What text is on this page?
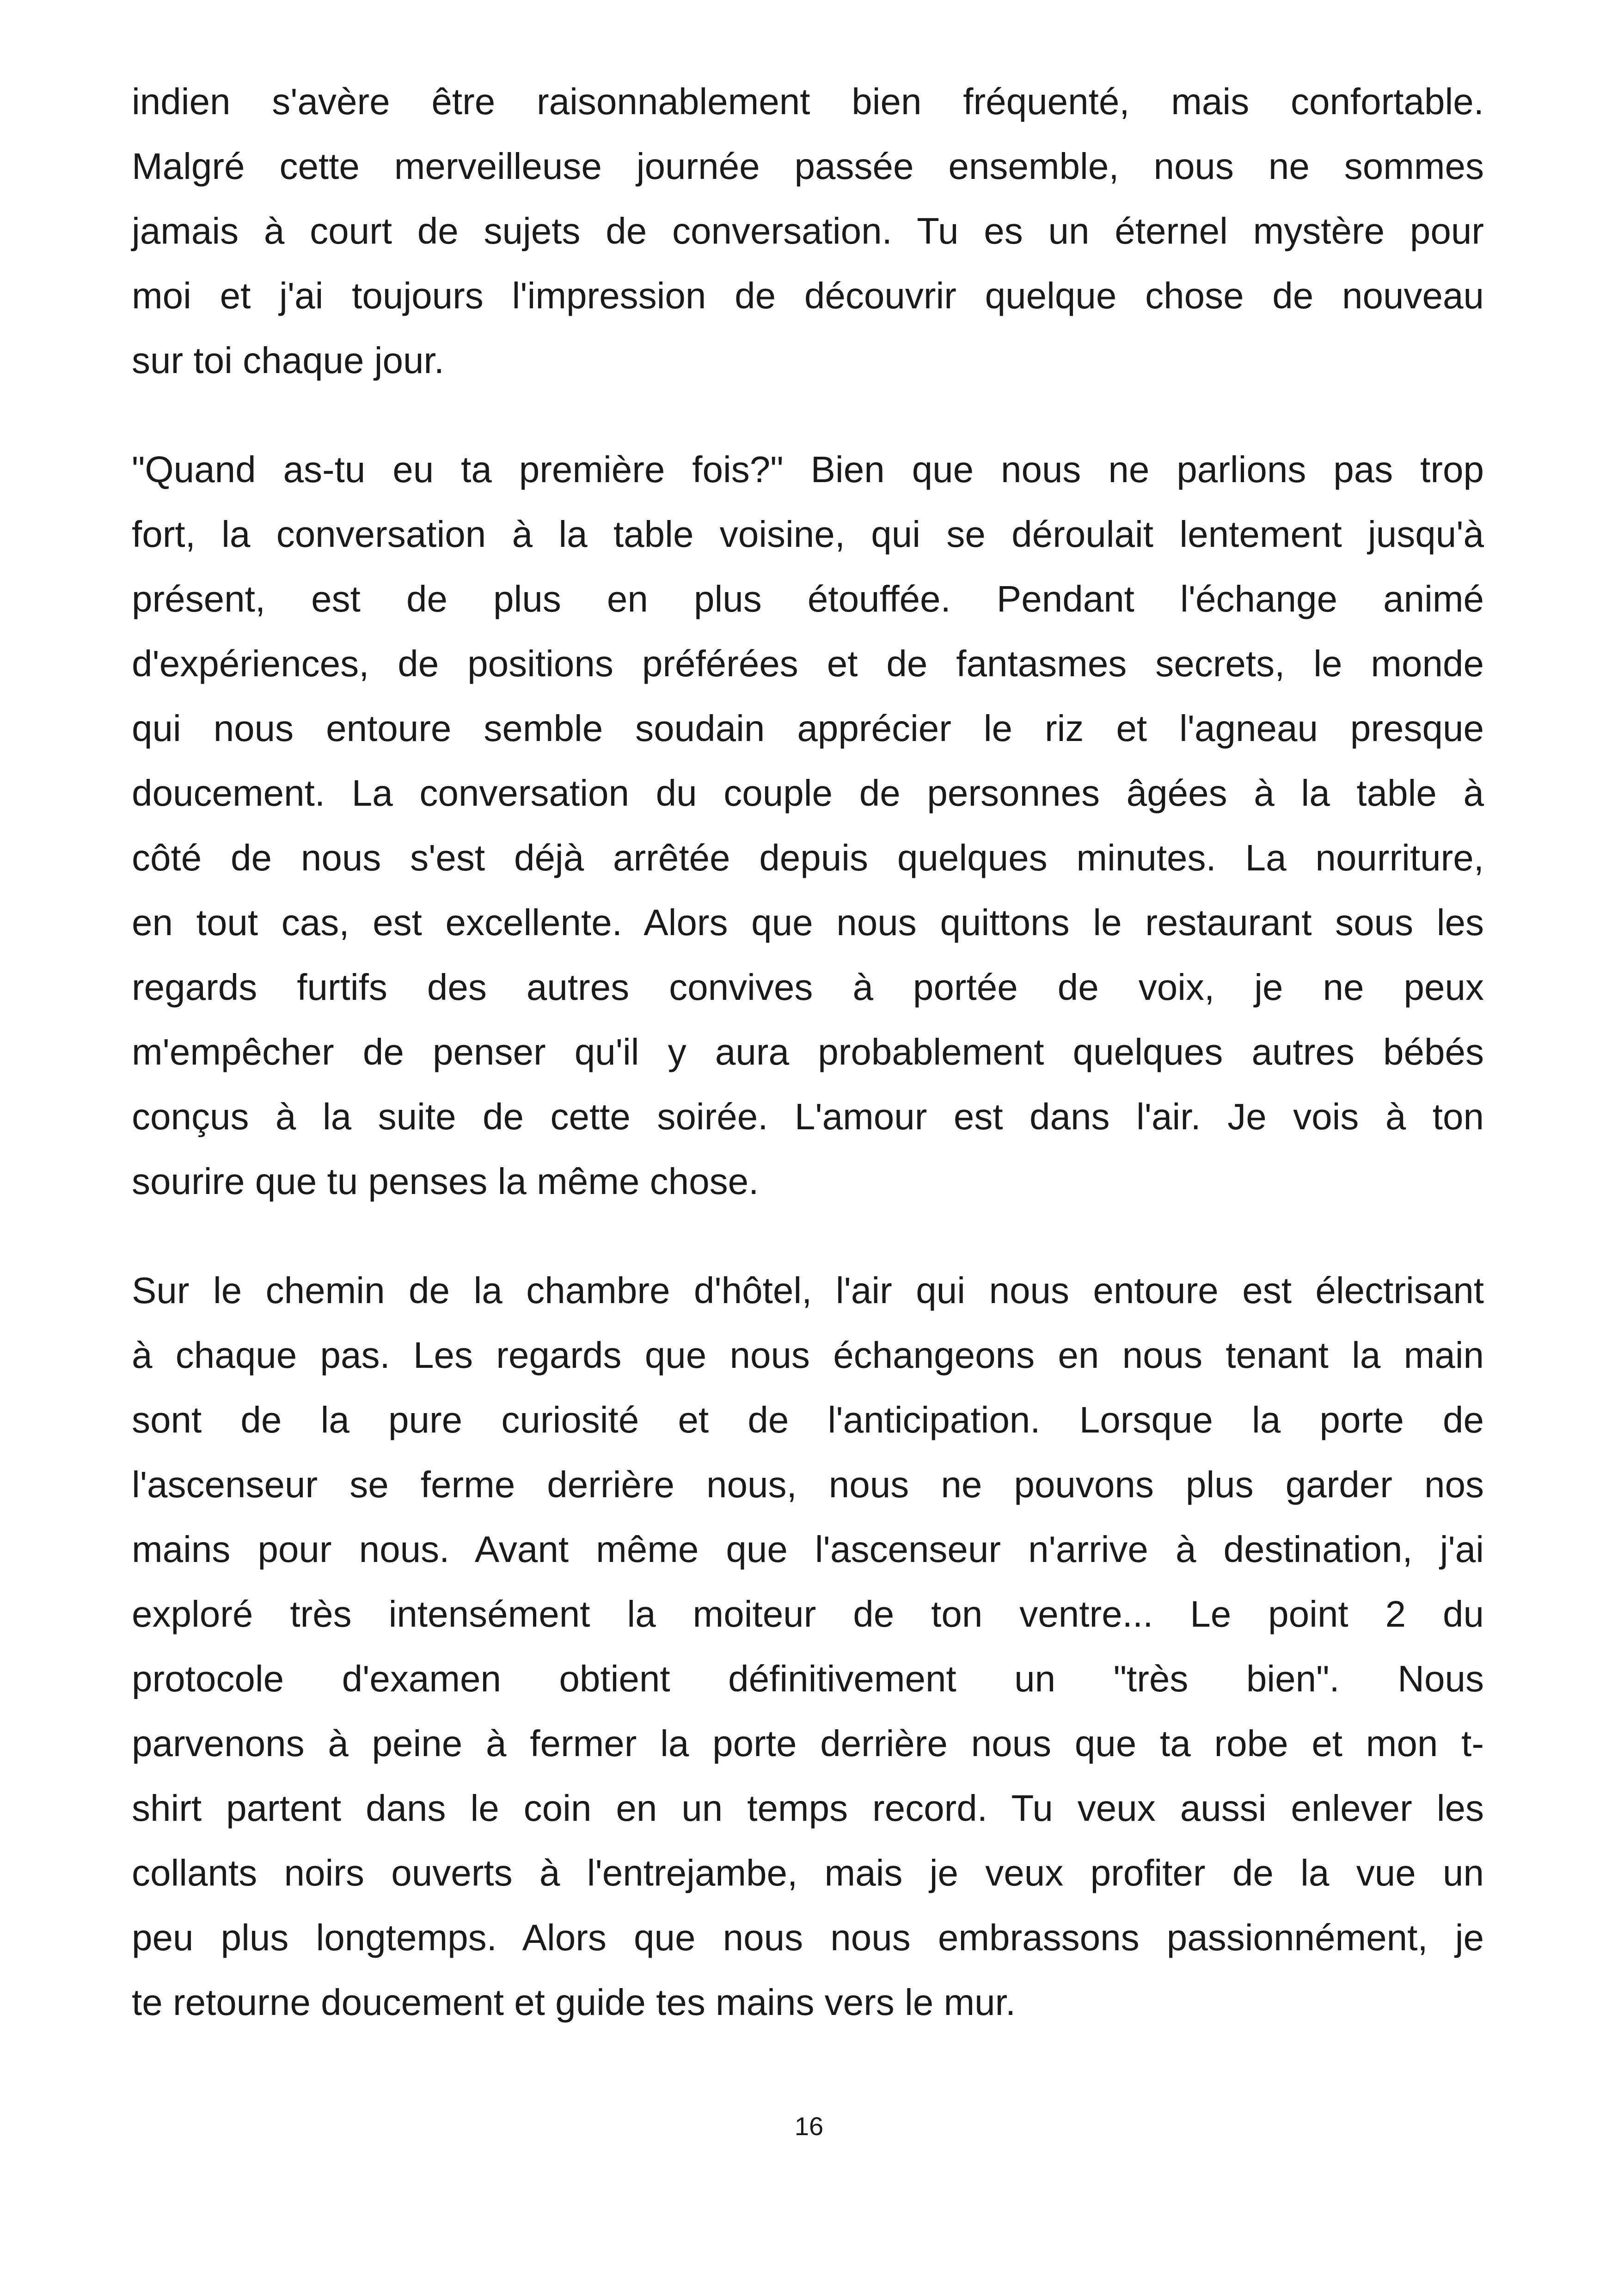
indien s'avère être raisonnablement bien fréquenté, mais confortable.
Malgré cette merveilleuse journée passée ensemble, nous ne sommes
jamais à court de sujets de conversation. Tu es un éternel mystère pour
moi et j'ai toujours l'impression de découvrir quelque chose de nouveau
sur toi chaque jour.

"Quand as-tu eu ta première fois?" Bien que nous ne parlions pas trop
fort, la conversation à la table voisine, qui se déroulait lentement jusqu'à
présent, est de plus en plus étouffée. Pendant l'échange animé
d'expériences, de positions préférées et de fantasmes secrets, le monde
qui nous entoure semble soudain apprécier le riz et l'agneau presque
doucement. La conversation du couple de personnes âgées à la table à
côté de nous s'est déjà arrêtée depuis quelques minutes. La nourriture,
en tout cas, est excellente. Alors que nous quittons le restaurant sous les
regards furtifs des autres convives à portée de voix, je ne peux
m'empêcher de penser qu'il y aura probablement quelques autres bébés
conçus à la suite de cette soirée. L'amour est dans l'air. Je vois à ton
sourire que tu penses la même chose.

Sur le chemin de la chambre d'hôtel, l'air qui nous entoure est électrisant
à chaque pas. Les regards que nous échangeons en nous tenant la main
sont de la pure curiosité et de l'anticipation. Lorsque la porte de
l'ascenseur se ferme derrière nous, nous ne pouvons plus garder nos
mains pour nous. Avant même que l'ascenseur n'arrive à destination, j'ai
exploré très intensément la moiteur de ton ventre... Le point 2 du
protocole d'examen obtient définitivement un "très bien". Nous
parvenons à peine à fermer la porte derrière nous que ta robe et mon t-
shirt partent dans le coin en un temps record. Tu veux aussi enlever les
collants noirs ouverts à l'entrejambe, mais je veux profiter de la vue un
peu plus longtemps. Alors que nous nous embrassons passionnément, je
te retourne doucement et guide tes mains vers le mur.

16
